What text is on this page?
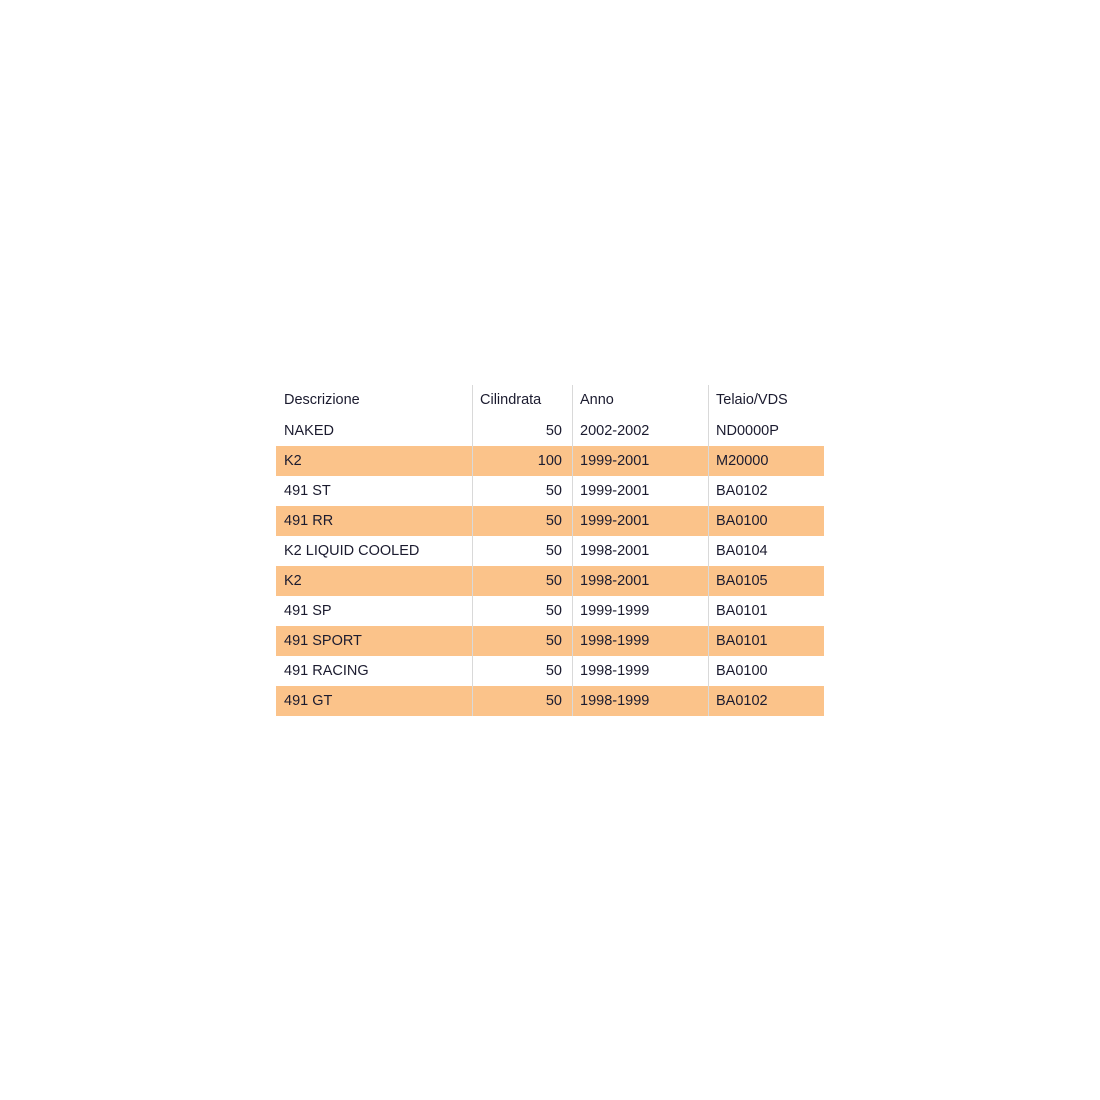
Descrizione	Cilindrata	Anno	Telaio/VDS
NAKED	50	2002-2002	ND0000P
K2	100	1999-2001	M20000
491 ST	50	1999-2001	BA0102
491 RR	50	1999-2001	BA0100
K2 LIQUID COOLED	50	1998-2001	BA0104
K2	50	1998-2001	BA0105
491 SP	50	1999-1999	BA0101
491 SPORT	50	1998-1999	BA0101
491 RACING	50	1998-1999	BA0100
491 GT	50	1998-1999	BA0102
